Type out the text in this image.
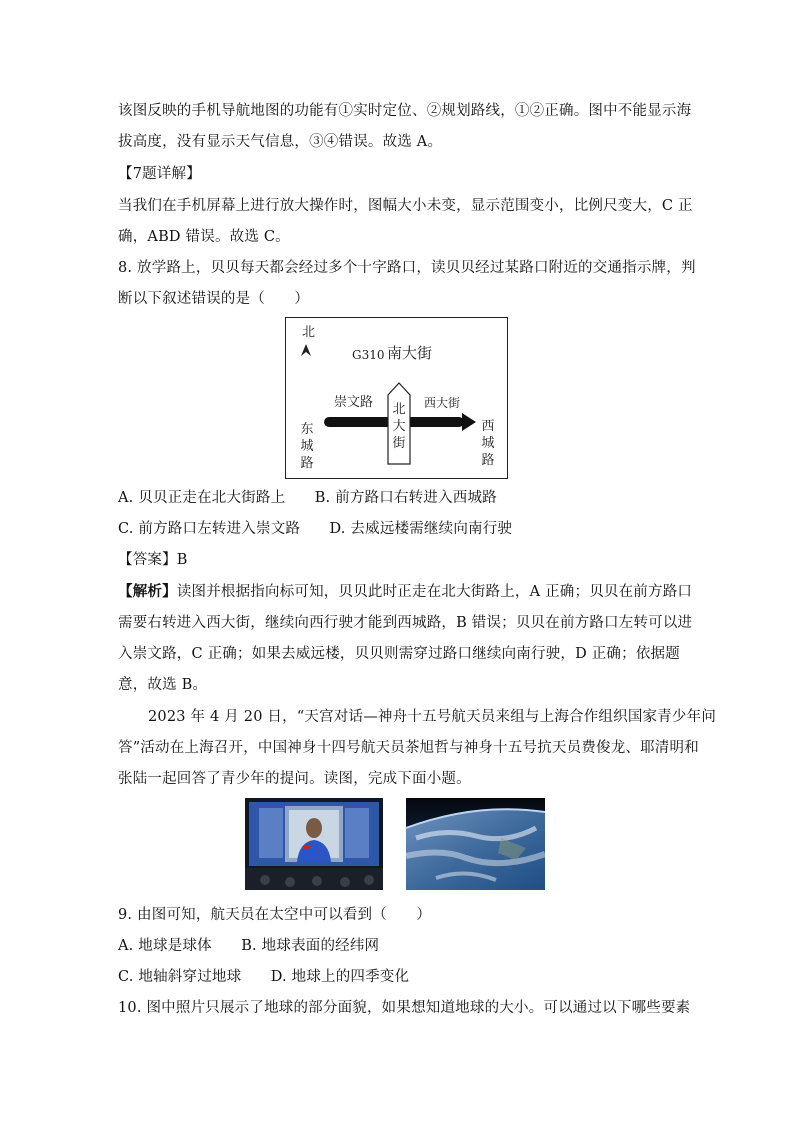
该图反映的手机导航地图的功能有①实时定位、②规划路线，①②正确。图中不能显示海
拔高度，没有显示天气信息，③④错误。故选 A。
【7题详解】
当我们在手机屏幕上进行放大操作时，图幅大小未变，显示范围变小，比例尺变大，C 正
确，ABD 错误。故选 C。
8. 放学路上，贝贝每天都会经过多个十字路口，读贝贝经过某路口附近的交通指示牌，判
断以下叙述错误的是（　　）
北
G310 南大街
北大街
崇文路	西大街
东城路
西城路
A. 贝贝正走在北大街路上　　B. 前方路口右转进入西城路
C. 前方路口左转进入崇文路　　D. 去威远楼需继续向南行驶
【答案】B
【解析】读图并根据指向标可知，贝贝此时正走在北大街路上，A 正确；贝贝在前方路口
需要右转进入西大街，继续向西行驶才能到西城路，B 错误；贝贝在前方路口左转可以进
入崇文路，C 正确；如果去威远楼，贝贝则需穿过路口继续向南行驶，D 正确；依据题
意，故选 B。
2023 年 4 月 20 日，“天宫对话—神舟十五号航天员来组与上海合作组织国家青少年问
答”活动在上海召开，中国神身十四号航天员茶旭哲与神身十五号抗天员费俊龙、耶清明和
张陆一起回答了青少年的提问。读图，完成下面小题。
9. 由图可知，航天员在太空中可以看到（　　）
A. 地球是球体　　B. 地球表面的经纬网
C. 地轴斜穿过地球　　D. 地球上的四季变化
10. 图中照片只展示了地球的部分面貌，如果想知道地球的大小。可以通过以下哪些要素
